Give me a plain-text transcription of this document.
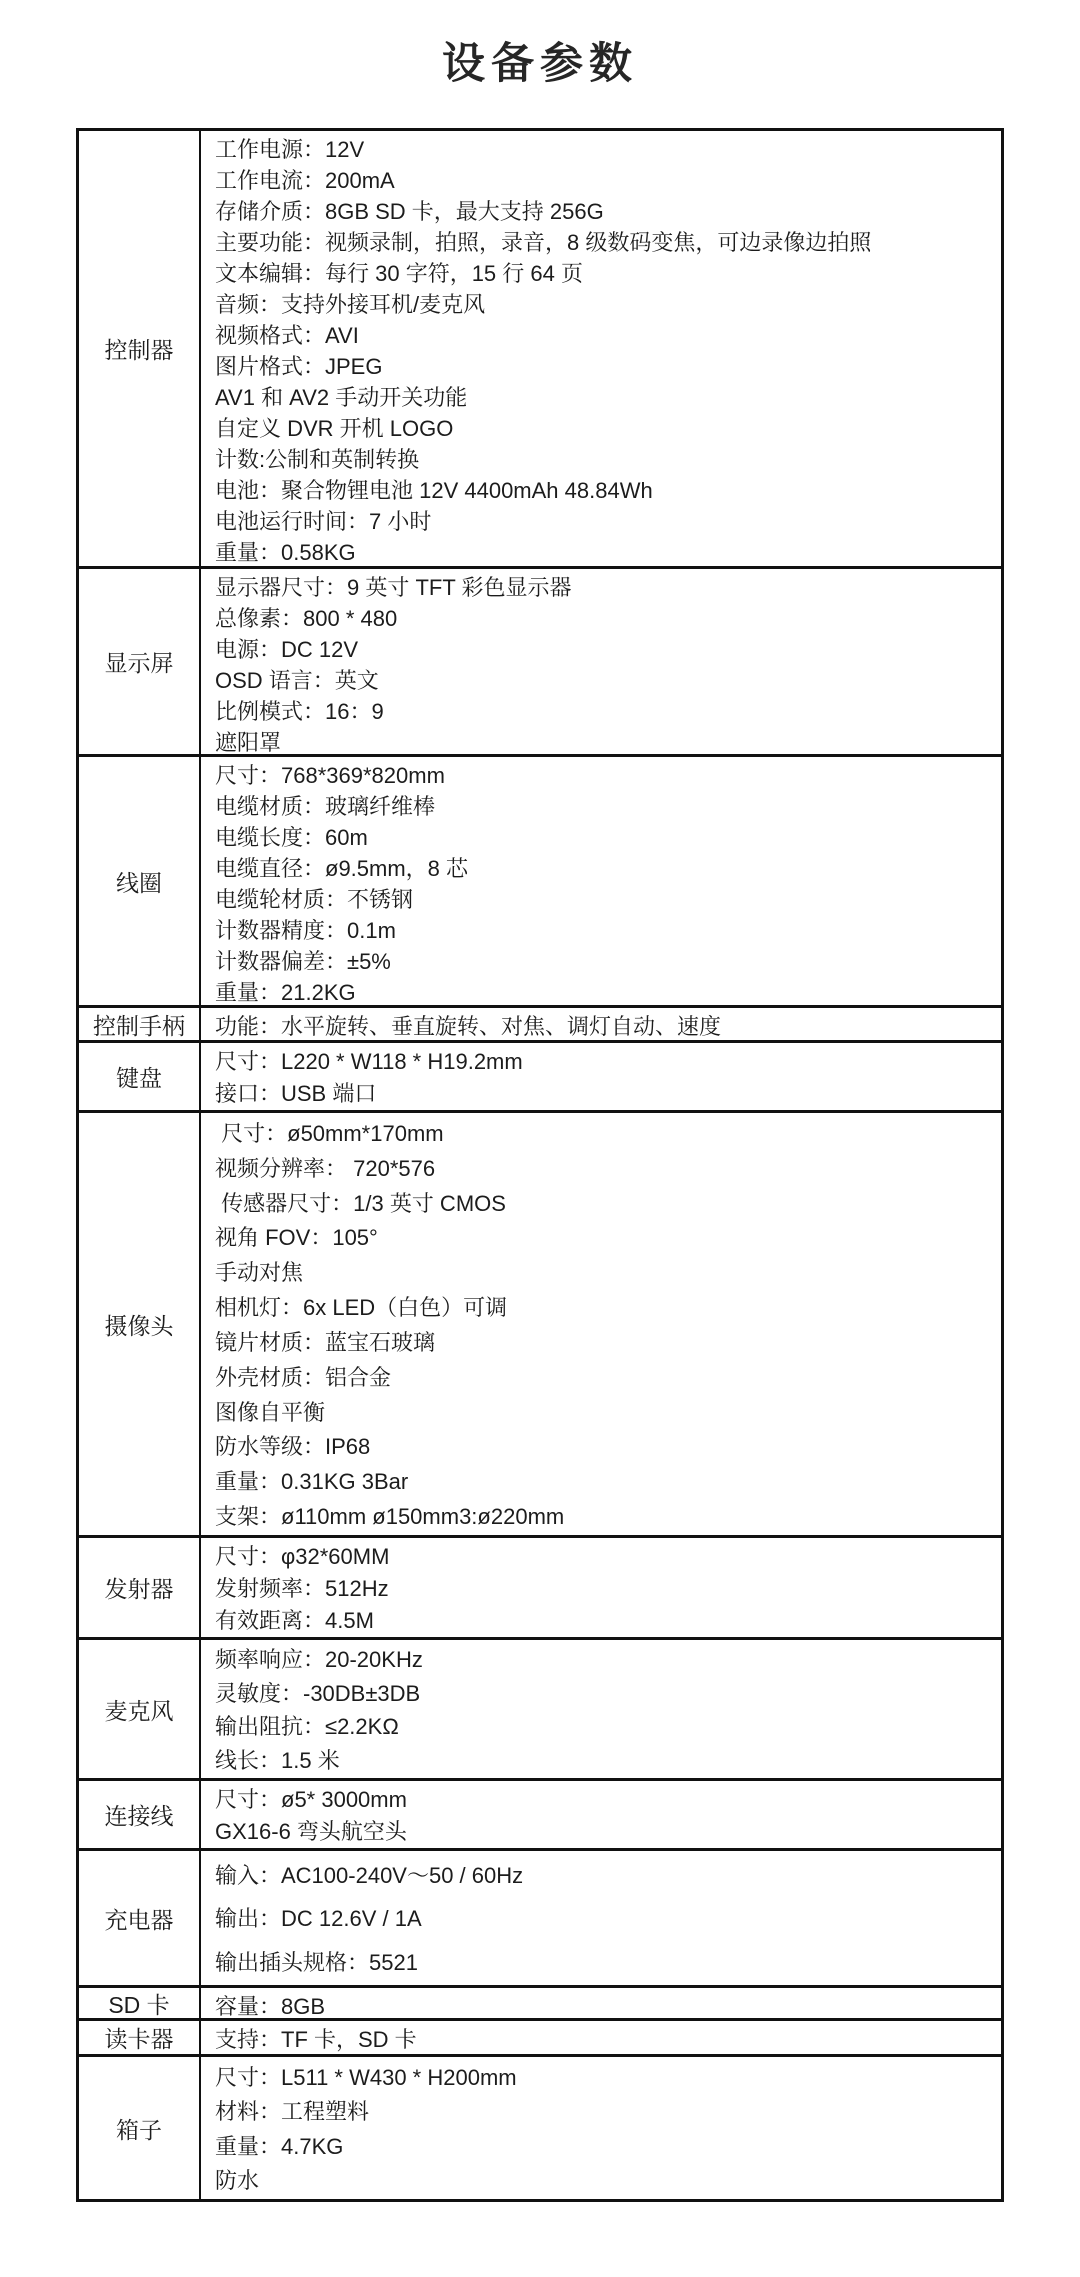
设备参数
控制器
工作电源：12V
工作电流：200mA
存储介质：8GB SD 卡，最大支持 256G
主要功能：视频录制，拍照，录音，8 级数码变焦，可边录像边拍照
文本编辑：每行 30 字符，15 行 64 页
音频：支持外接耳机/麦克风
视频格式：AVI
图片格式：JPEG
AV1 和 AV2 手动开关功能
自定义 DVR 开机 LOGO
计数:公制和英制转换
电池：聚合物锂电池 12V 4400mAh 48.84Wh
电池运行时间：7 小时
重量：0.58KG
显示屏
显示器尺寸：9 英寸 TFT 彩色显示器
总像素：800 * 480
电源：DC 12V
OSD 语言：英文
比例模式：16：9
遮阳罩
线圈
尺寸：768*369*820mm
电缆材质：玻璃纤维棒
电缆长度：60m
电缆直径：ø9.5mm，8 芯
电缆轮材质：不锈钢
计数器精度：0.1m
计数器偏差：±5%
重量：21.2KG
控制手柄 功能：水平旋转、垂直旋转、对焦、调灯自动、速度
键盘
尺寸：L220 * W118 * H19.2mm
接口：USB 端口
摄像头
尺寸：ø50mm*170mm
视频分辨率： 720*576
传感器尺寸：1/3 英寸 CMOS
视角 FOV：105°
手动对焦
相机灯：6x LED（白色）可调
镜片材质：蓝宝石玻璃
外壳材质：铝合金
图像自平衡
防水等级：IP68
重量：0.31KG 3Bar
支架：ø110mm ø150mm3:ø220mm
发射器
尺寸：φ32*60MM
发射频率：512Hz
有效距离：4.5M
麦克风
频率响应：20-20KHz
灵敏度：-30DB±3DB
输出阻抗：≤2.2KΩ
线长：1.5 米
连接线
尺寸：ø5* 3000mm
GX16-6 弯头航空头
充电器
输入：AC100-240V〜50 / 60Hz
输出：DC 12.6V / 1A
输出插头规格：5521
SD 卡 容量：8GB
读卡器 支持：TF 卡，SD 卡
箱子
尺寸：L511 * W430 * H200mm
材料：工程塑料
重量：4.7KG
防水
